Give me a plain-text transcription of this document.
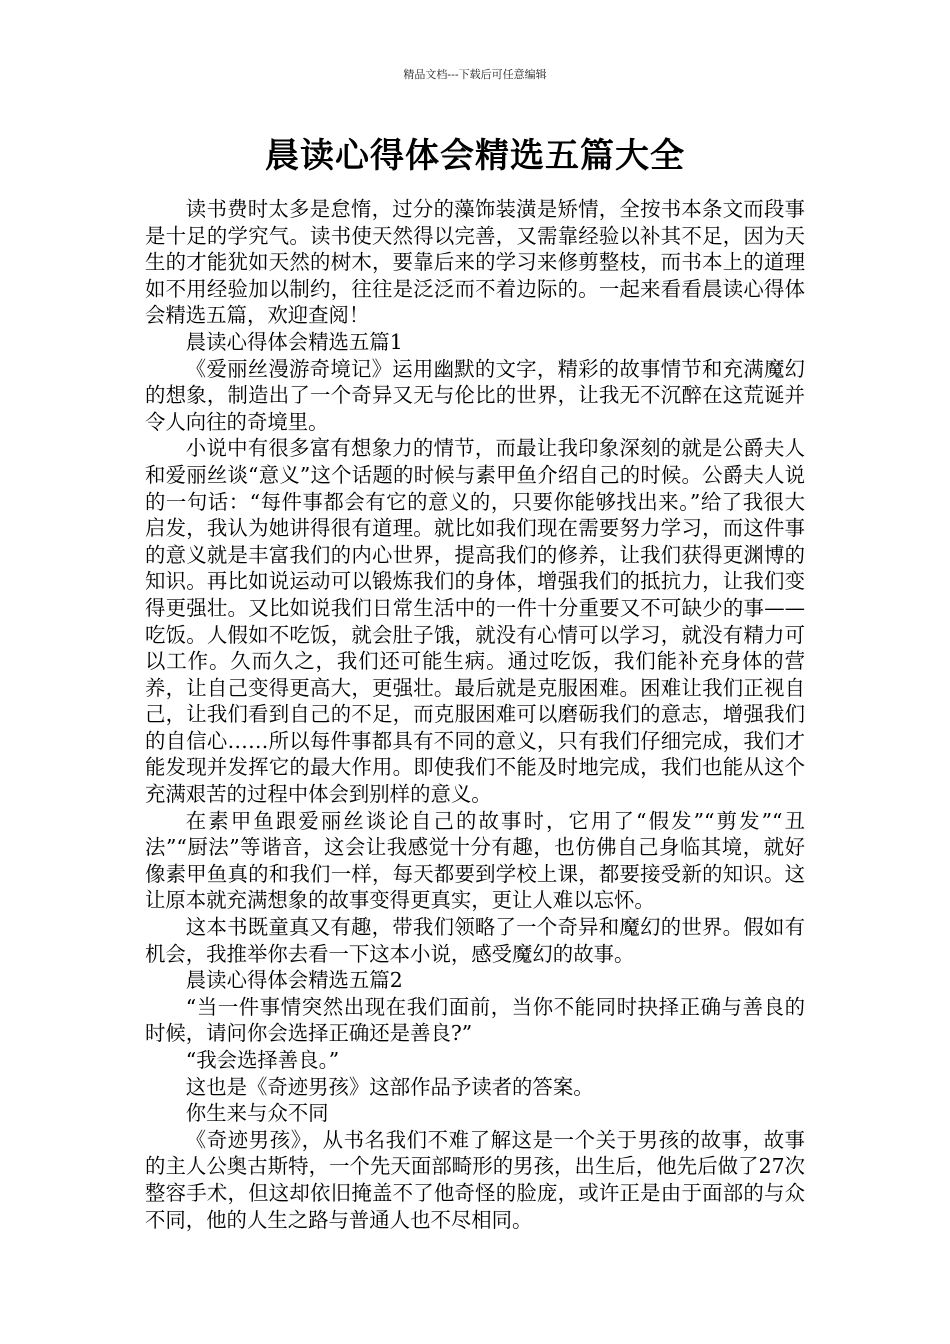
精品文档---下载后可任意编辑
晨读心得体会精选五篇大全

读书费时太多是怠惰，过分的藻饰装潢是矫情，全按书本条文而段事是十足的学究气。读书使天然得以完善，又需靠经验以补其不足，因为天生的才能犹如天然的树木，要靠后来的学习来修剪整枝，而书本上的道理如不用经验加以制约，往往是泛泛而不着边际的。一起来看看晨读心得体会精选五篇，欢迎查阅！

晨读心得体会精选五篇1

《爱丽丝漫游奇境记》运用幽默的文字，精彩的故事情节和充满魔幻的想象，制造出了一个奇异又无与伦比的世界，让我无不沉醉在这荒诞并令人向往的奇境里。

小说中有很多富有想象力的情节，而最让我印象深刻的就是公爵夫人和爱丽丝谈“意义”这个话题的时候与素甲鱼介绍自己的时候。公爵夫人说的一句话：“每件事都会有它的意义的，只要你能够找出来。”给了我很大启发，我认为她讲得很有道理。就比如我们现在需要努力学习，而这件事的意义就是丰富我们的内心世界，提高我们的修养，让我们获得更渊博的知识。再比如说运动可以锻炼我们的身体，增强我们的抵抗力，让我们变得更强壮。又比如说我们日常生活中的一件十分重要又不可缺少的事——吃饭。人假如不吃饭，就会肚子饿，就没有心情可以学习，就没有精力可以工作。久而久之，我们还可能生病。通过吃饭，我们能补充身体的营养，让自己变得更高大，更强壮。最后就是克服困难。困难让我们正视自己，让我们看到自己的不足，而克服困难可以磨砺我们的意志，增强我们的自信心……所以每件事都具有不同的意义，只有我们仔细完成，我们才能发现并发挥它的最大作用。即使我们不能及时地完成，我们也能从这个充满艰苦的过程中体会到别样的意义。

在素甲鱼跟爱丽丝谈论自己的故事时，它用了“假发”“剪发”“丑法”“厨法”等谐音，这会让我感觉十分有趣，也仿佛自己身临其境，就好像素甲鱼真的和我们一样，每天都要到学校上课，都要接受新的知识。这让原本就充满想象的故事变得更真实，更让人难以忘怀。

这本书既童真又有趣，带我们领略了一个奇异和魔幻的世界。假如有机会，我推举你去看一下这本小说，感受魔幻的故事。

晨读心得体会精选五篇2

“当一件事情突然出现在我们面前，当你不能同时抉择正确与善良的时候，请问你会选择正确还是善良?”

“我会选择善良。”

这也是《奇迹男孩》这部作品予读者的答案。

你生来与众不同

《奇迹男孩》，从书名我们不难了解这是一个关于男孩的故事，故事的主人公奥古斯特，一个先天面部畸形的男孩，出生后，他先后做了27次整容手术，但这却依旧掩盖不了他奇怪的脸庞，或许正是由于面部的与众不同，他的人生之路与普通人也不尽相同。
